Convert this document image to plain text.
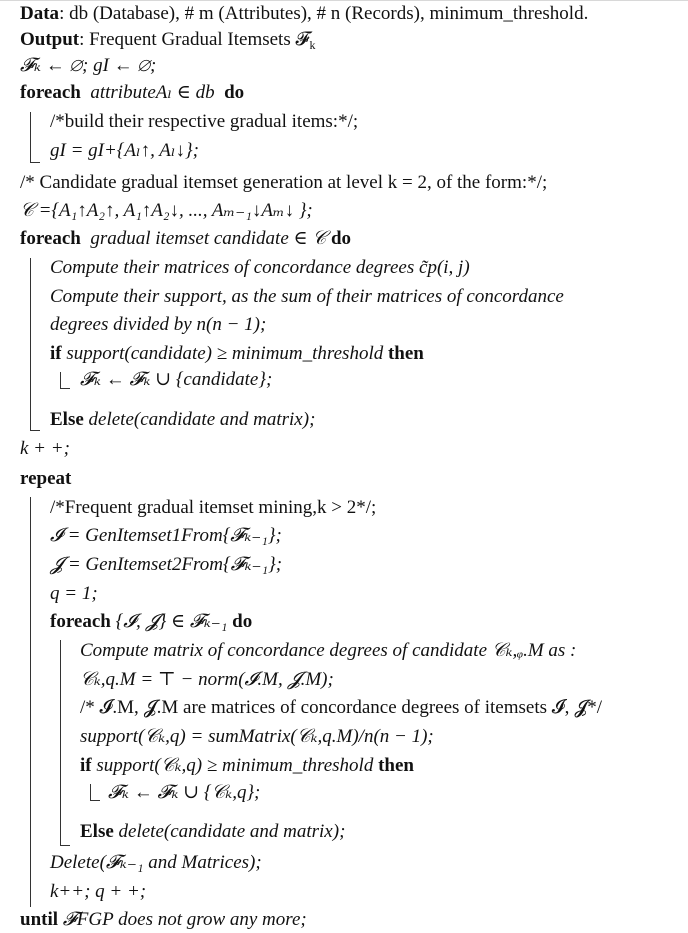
Data: db (Database), # m (Attributes), # n (Records), minimum_threshold.
Output: Frequent Gradual Itemsets 𝓕$_k$
𝓕ₖ ← ∅; gI ← ∅;
foreach attributeAₗ ∈ db do
/*build their respective gradual items:*/;
gI = gI+{Aₗ↑, Aₗ↓};
/* Candidate gradual itemset generation at level k = 2, of the form:*/;
𝒞 ={A₁↑A₂↑, A₁↑A₂↓, ..., Aₘ₋₁↓Aₘ↓ };
foreach gradual itemset candidate ∈ 𝒞 do
Compute their matrices of concordance degrees c̃p(i, j)
Compute their support, as the sum of their matrices of concordance
degrees divided by n(n − 1);
if support(candidate) ≥ minimum_threshold then
𝓕ₖ ← 𝓕ₖ ∪ {candidate};
Else delete(candidate and matrix);
k + +;
repeat
/*Frequent gradual itemset mining,k > 2*/;
𝓘 = GenItemset1From{𝓕ₖ₋₁};
𝓙 = GenItemset2From{𝓕ₖ₋₁};
q = 1;
foreach {𝓘, 𝓙} ∈ 𝓕ₖ₋₁ do
Compute matrix of concordance degrees of candidate 𝒞ₖ,ᵩ.M as :
𝒞ₖ,q.M = ⊤ − norm(𝓘.M, 𝓙.M);
/* 𝓘.M, 𝓙.M are matrices of concordance degrees of itemsets 𝓘, 𝓙*/
support(𝒞ₖ,q) = sumMatrix(𝒞ₖ,q.M)/n(n − 1);
if support(𝒞ₖ,q) ≥ minimum_threshold then
𝓕ₖ ← 𝓕ₖ ∪ {𝒞ₖ,q};
Else delete(candidate and matrix);
Delete(𝓕ₖ₋₁ and Matrices);
k++; q + +;
until 𝓕FGP does not grow any more;
